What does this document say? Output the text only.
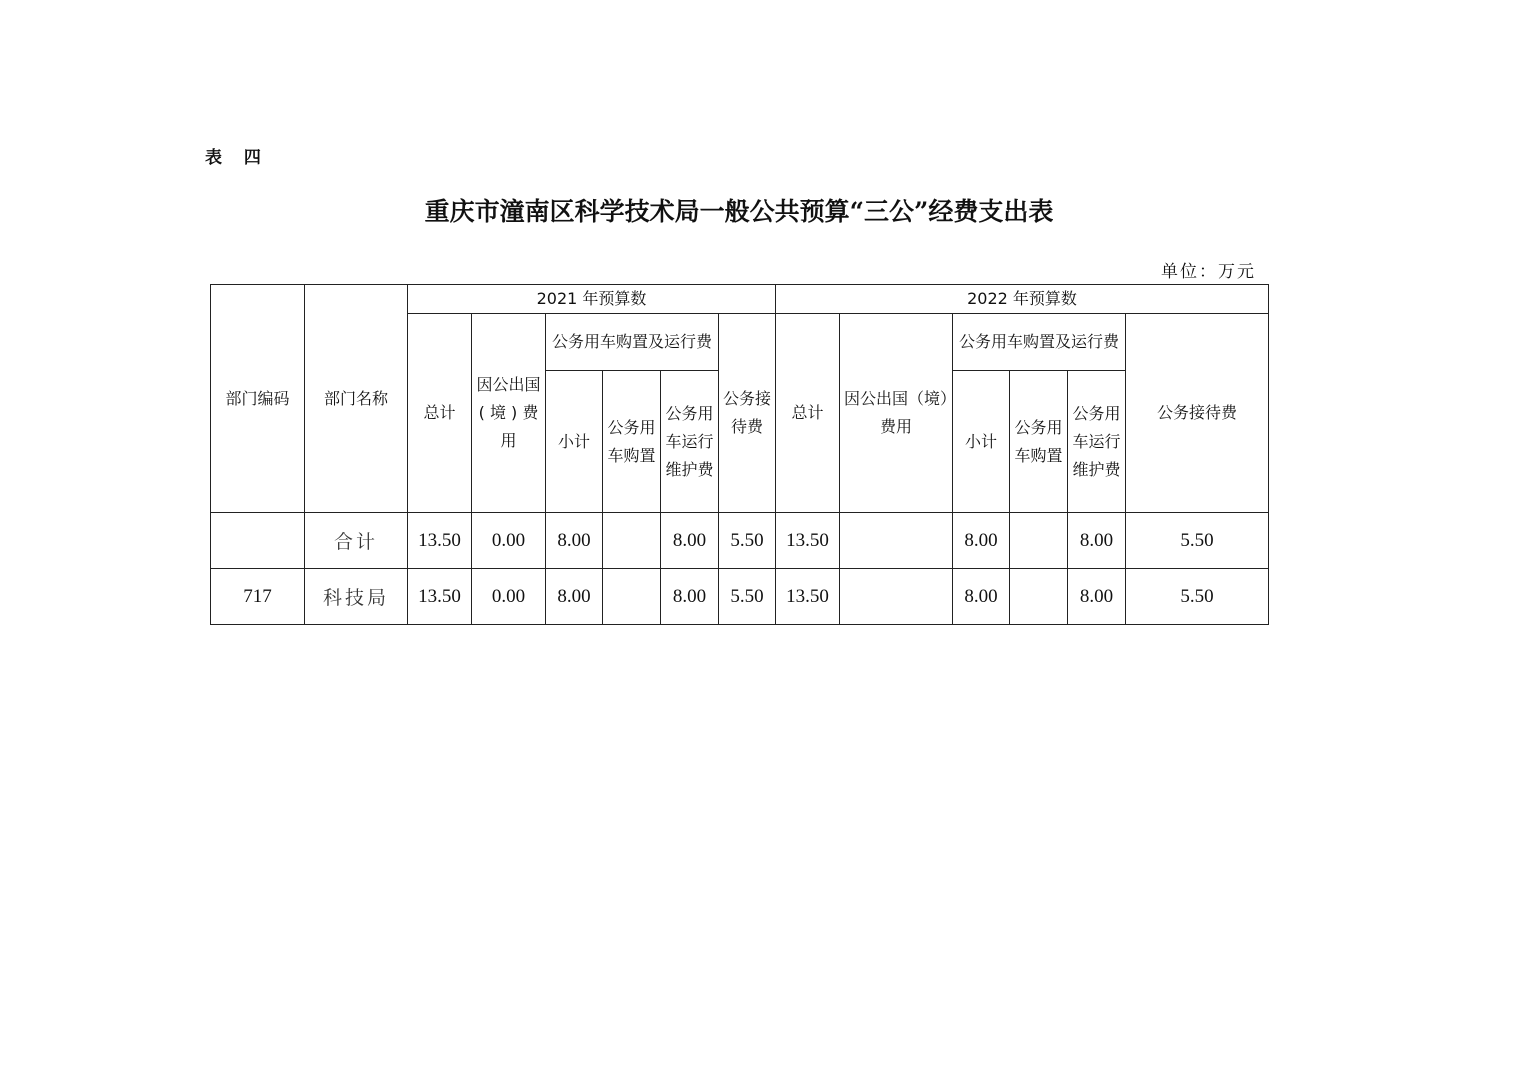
表 四
重庆市潼南区科学技术局一般公共预算“三公”经费支出表
单位：万元
部门编码	部门名称	2021 年预算数						2022 年预算数					
		总计	因公出国( 境 ) 费用	公务用车购置及运行费			公务接待费	总计	因公出国（境）费用	公务用车购置及运行费			公务接待费
				小计	公务用车购置	公务用车运行维护费				小计	公务用车购置	公务用车运行维护费	
	合计	13.50	0.00	8.00		8.00	5.50	13.50		8.00		8.00	5.50
717	科技局	13.50	0.00	8.00		8.00	5.50	13.50		8.00		8.00	5.50
